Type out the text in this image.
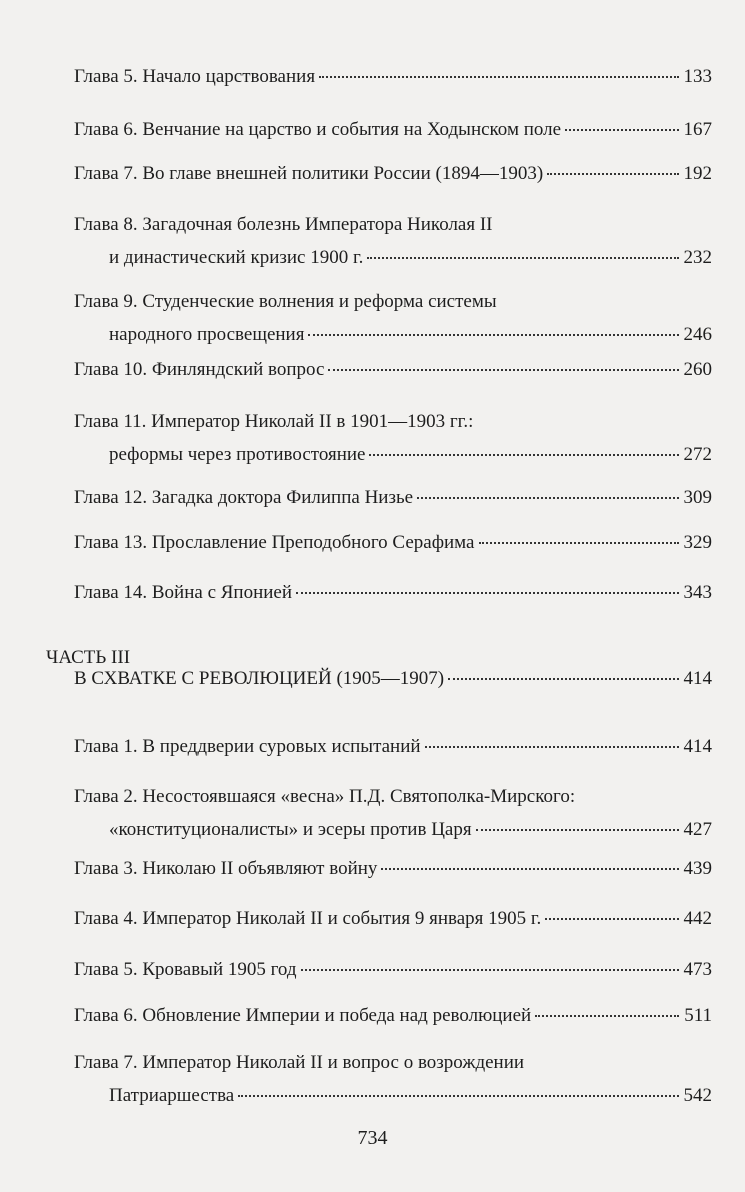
Глава 5. Начало царствования	133
Глава 6. Венчание на царство и события на Ходынском поле	167
Глава 7. Во главе внешней политики России (1894—1903)	192
Глава 8. Загадочная болезнь Императора Николая II
и династический кризис 1900 г.	232
Глава 9. Студенческие волнения и реформа системы
народного просвещения	246
Глава 10. Финляндский вопрос	260
Глава 11. Император Николай II в 1901—1903 гг.:
реформы через противостояние	272
Глава 12. Загадка доктора Филиппа Низье	309
Глава 13. Прославление Преподобного Серафима	329
Глава 14. Война с Японией	343
ЧАСТЬ III
В СХВАТКЕ С РЕВОЛЮЦИЕЙ (1905—1907)	414
Глава 1. В преддверии суровых испытаний	414
Глава 2. Несостоявшаяся «весна» П.Д. Святополка-Мирского:
«конституционалисты» и эсеры против Царя	427
Глава 3. Николаю II объявляют войну	439
Глава 4. Император Николай II и события 9 января 1905 г.	442
Глава 5. Кровавый 1905 год	473
Глава 6. Обновление Империи и победа над революцией	511
Глава 7. Император Николай II и вопрос о возрождении
Патриаршества	542
734
